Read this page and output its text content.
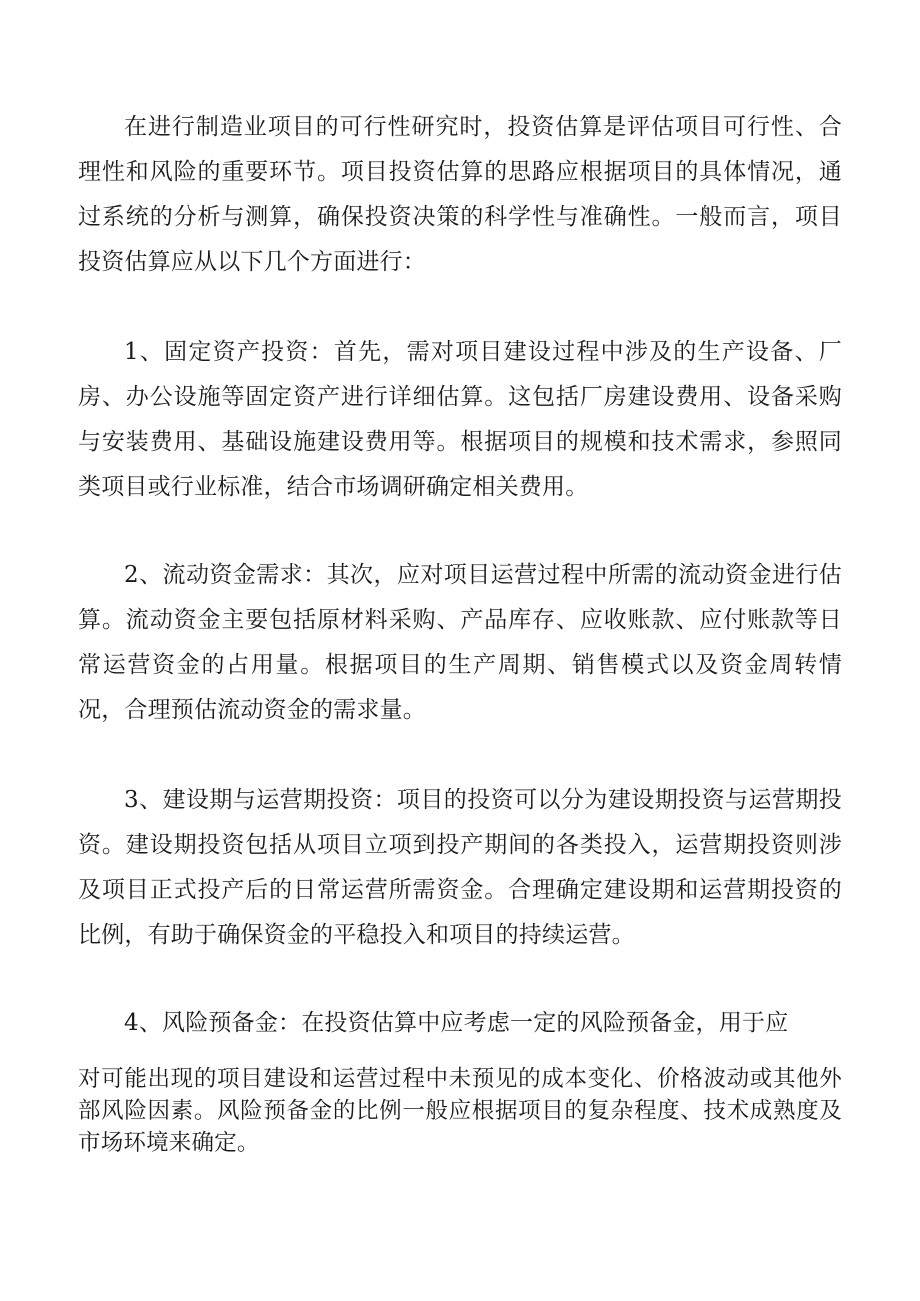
在进行制造业项目的可行性研究时，投资估算是评估项目可行性、合理性和风险的重要环节。项目投资估算的思路应根据项目的具体情况，通过系统的分析与测算，确保投资决策的科学性与准确性。一般而言，项目投资估算应从以下几个方面进行：

1、固定资产投资：首先，需对项目建设过程中涉及的生产设备、厂房、办公设施等固定资产进行详细估算。这包括厂房建设费用、设备采购与安装费用、基础设施建设费用等。根据项目的规模和技术需求，参照同类项目或行业标准，结合市场调研确定相关费用。

2、流动资金需求：其次，应对项目运营过程中所需的流动资金进行估算。流动资金主要包括原材料采购、产品库存、应收账款、应付账款等日常运营资金的占用量。根据项目的生产周期、销售模式以及资金周转情况，合理预估流动资金的需求量。

3、建设期与运营期投资：项目的投资可以分为建设期投资与运营期投资。建设期投资包括从项目立项到投产期间的各类投入，运营期投资则涉及项目正式投产后的日常运营所需资金。合理确定建设期和运营期投资的比例，有助于确保资金的平稳投入和项目的持续运营。

4、风险预备金：在投资估算中应考虑一定的风险预备金，用于应

对可能出现的项目建设和运营过程中未预见的成本变化、价格波动或其他外部风险因素。风险预备金的比例一般应根据项目的复杂程度、技术成熟度及市场环境来确定。
